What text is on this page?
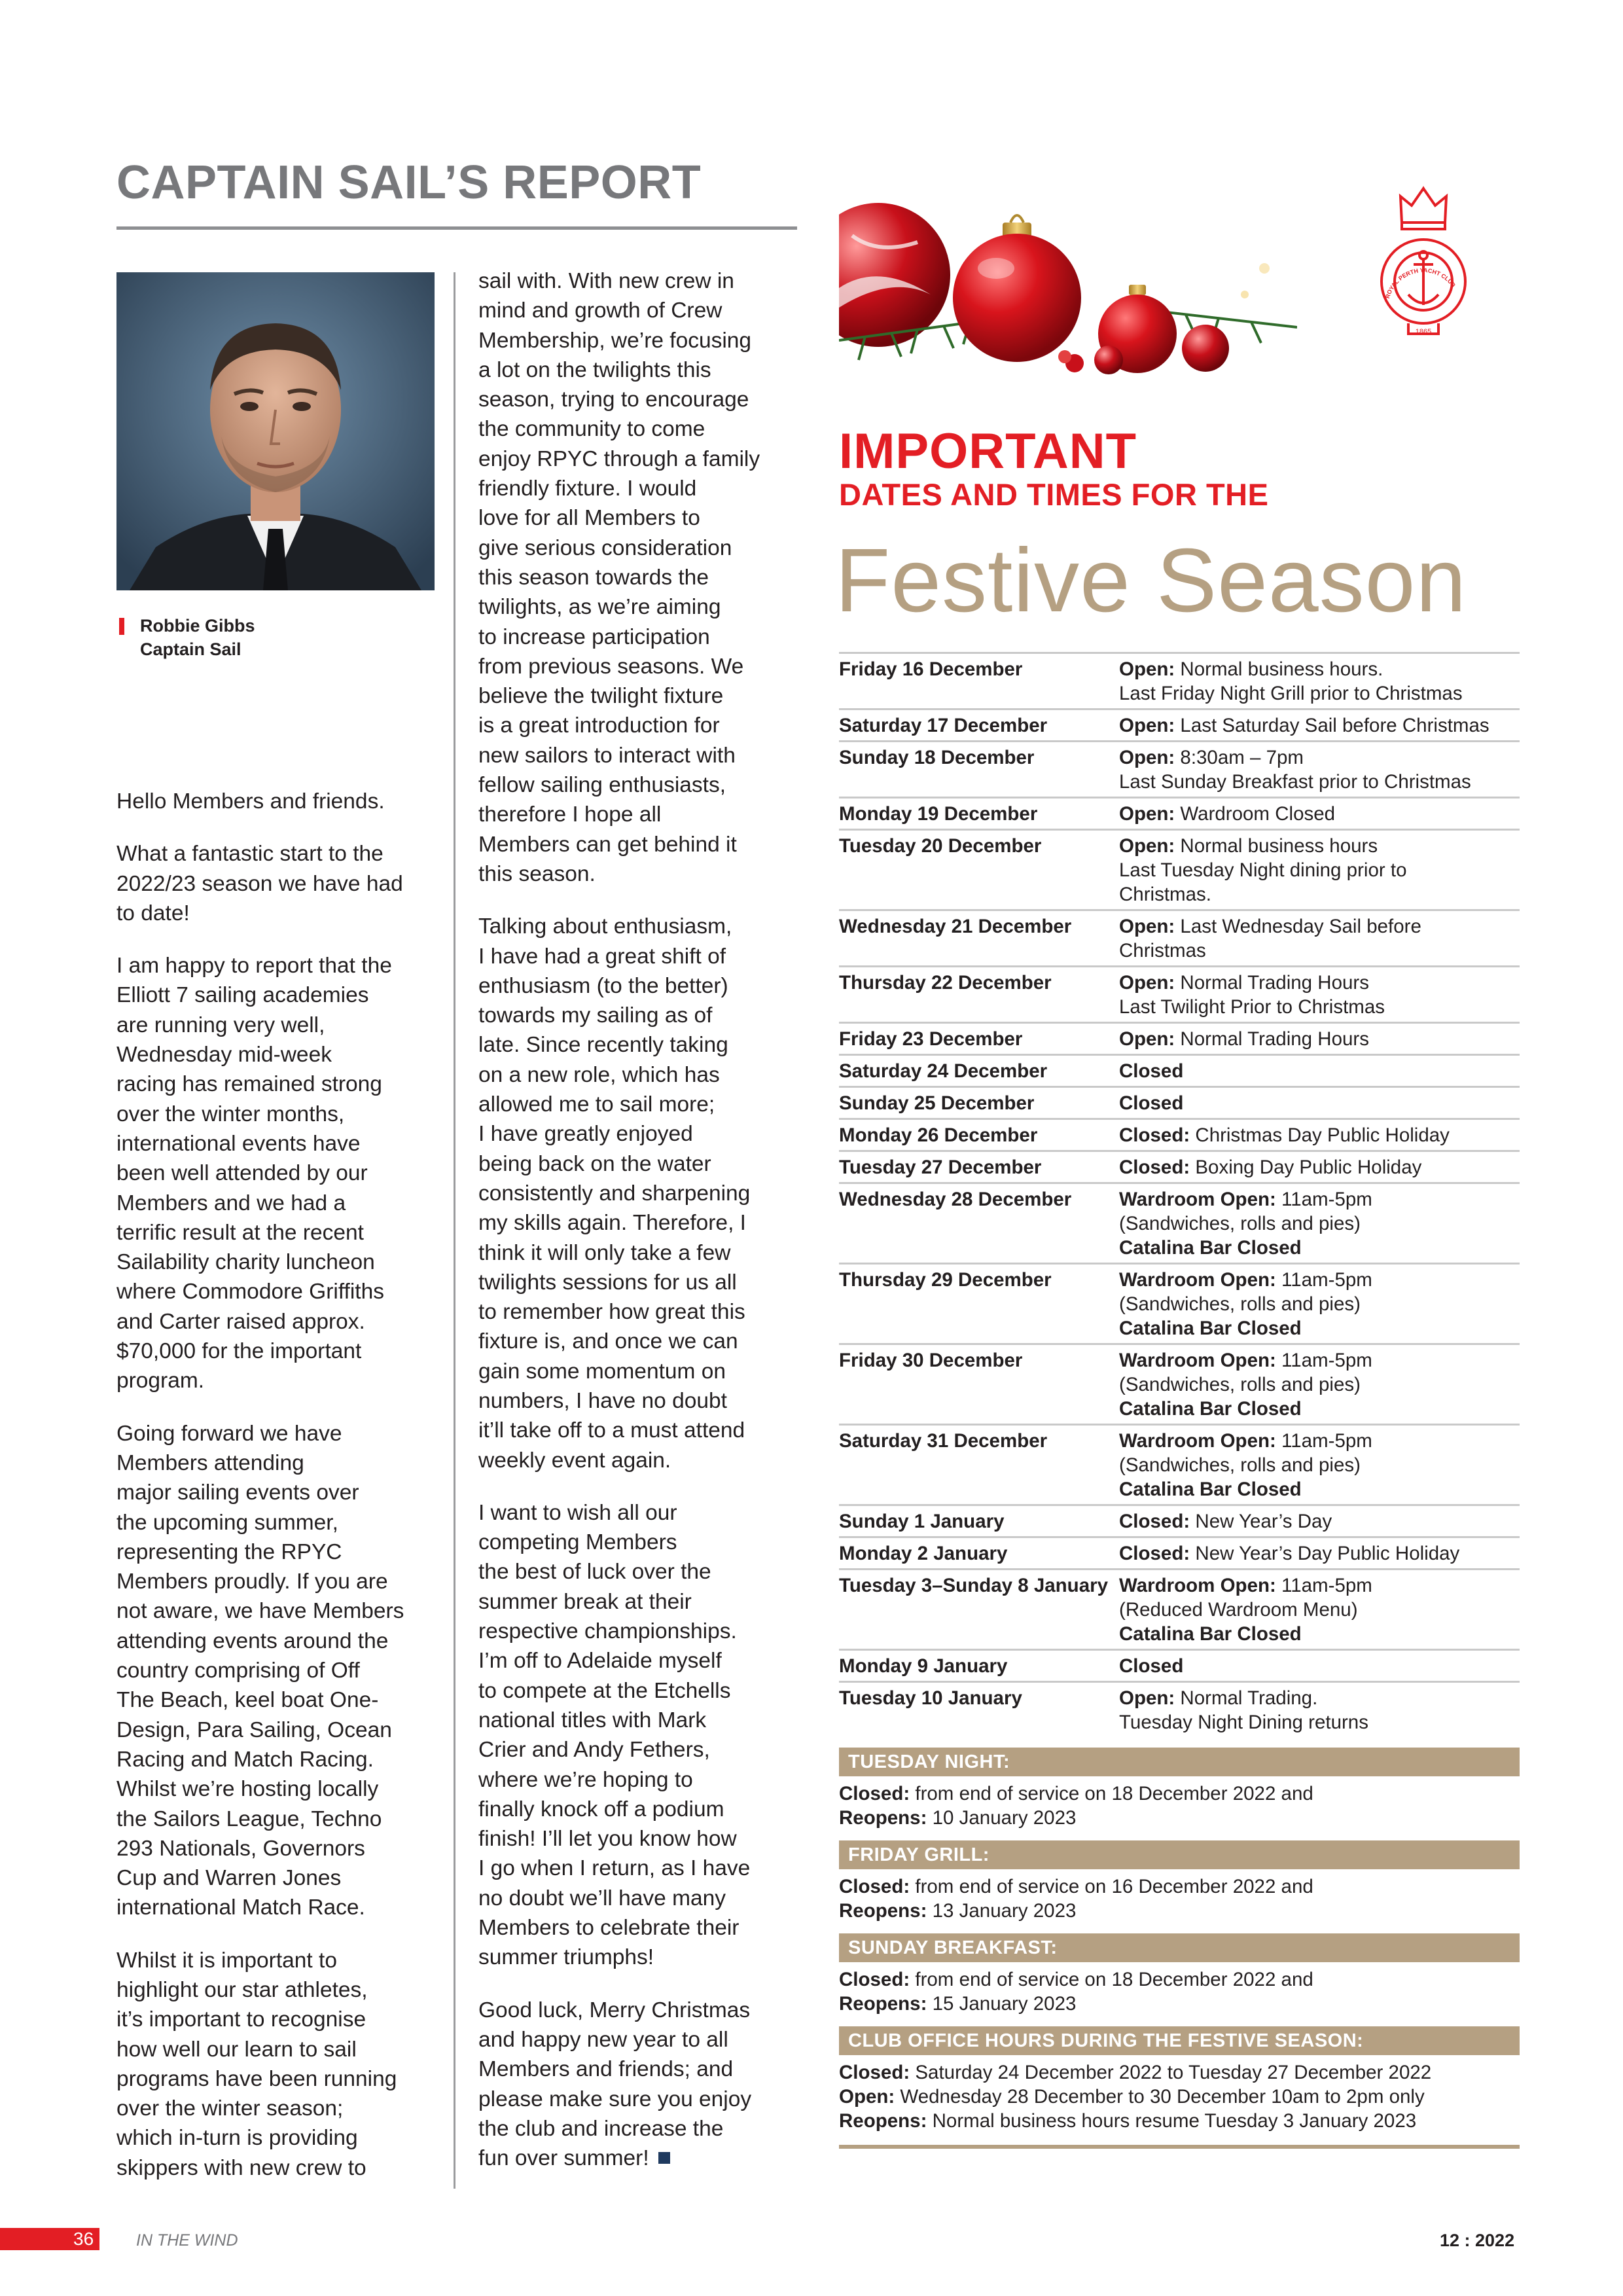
CAPTAIN SAIL’S REPORT
Robbie Gibbs
Captain Sail

Hello Members and friends.

What a fantastic start to the
2022/23 season we have had
to date!

I am happy to report that the
Elliott 7 sailing academies
are running very well,
Wednesday mid-week
racing has remained strong
over the winter months,
international events have
been well attended by our
Members and we had a
terrific result at the recent
Sailability charity luncheon
where Commodore Griffiths
and Carter raised approx.
$70,000 for the important
program.

Going forward we have
Members attending
major sailing events over
the upcoming summer,
representing the RPYC
Members proudly. If you are
not aware, we have Members
attending events around the
country comprising of Off
The Beach, keel boat One-
Design, Para Sailing, Ocean
Racing and Match Racing.
Whilst we’re hosting locally
the Sailors League, Techno
293 Nationals, Governors
Cup and Warren Jones
international Match Race.

Whilst it is important to
highlight our star athletes,
it’s important to recognise
how well our learn to sail
programs have been running
over the winter season;
which in-turn is providing
skippers with new crew to

sail with. With new crew in
mind and growth of Crew
Membership, we’re focusing
a lot on the twilights this
season, trying to encourage
the community to come
enjoy RPYC through a family
friendly fixture. I would
love for all Members to
give serious consideration
this season towards the
twilights, as we’re aiming
to increase participation
from previous seasons. We
believe the twilight fixture
is a great introduction for
new sailors to interact with
fellow sailing enthusiasts,
therefore I hope all
Members can get behind it
this season.

Talking about enthusiasm,
I have had a great shift of
enthusiasm (to the better)
towards my sailing as of
late. Since recently taking
on a new role, which has
allowed me to sail more;
I have greatly enjoyed
being back on the water
consistently and sharpening
my skills again. Therefore, I
think it will only take a few
twilights sessions for us all
to remember how great this
fixture is, and once we can
gain some momentum on
numbers, I have no doubt
it’ll take off to a must attend
weekly event again.

I want to wish all our
competing Members
the best of luck over the
summer break at their
respective championships.
I’m off to Adelaide myself
to compete at the Etchells
national titles with Mark
Crier and Andy Fethers,
where we’re hoping to
finally knock off a podium
finish! I’ll let you know how
I go when I return, as I have
no doubt we’ll have many
Members to celebrate their
summer triumphs!

Good luck, Merry Christmas
and happy new year to all
Members and friends; and
please make sure you enjoy
the club and increase the
fun over summer!

1865
ROYAL PERTH YACHT CLUB
IMPORTANT
DATES AND TIMES FOR THE
Festive Season
Friday 16 December	Open: Normal business hours.
Last Friday Night Grill prior to Christmas
Saturday 17 December	Open: Last Saturday Sail before Christmas
Sunday 18 December	Open: 8:30am – 7pm
Last Sunday Breakfast prior to Christmas
Monday 19 December	Open: Wardroom Closed
Tuesday 20 December	Open: Normal business hours
Last Tuesday Night dining prior to
Christmas.
Wednesday 21 December	Open: Last Wednesday Sail before
Christmas
Thursday 22 December	Open: Normal Trading Hours
Last Twilight Prior to Christmas
Friday 23 December	Open: Normal Trading Hours
Saturday 24 December	Closed
Sunday 25 December	Closed
Monday 26 December	Closed: Christmas Day Public Holiday
Tuesday 27 December	Closed: Boxing Day Public Holiday
Wednesday 28 December	Wardroom Open: 11am-5pm
(Sandwiches, rolls and pies)
Catalina Bar Closed
Thursday 29 December	Wardroom Open: 11am-5pm
(Sandwiches, rolls and pies)
Catalina Bar Closed
Friday 30 December	Wardroom Open: 11am-5pm
(Sandwiches, rolls and pies)
Catalina Bar Closed
Saturday 31 December	Wardroom Open: 11am-5pm
(Sandwiches, rolls and pies)
Catalina Bar Closed
Sunday 1 January	Closed: New Year’s Day
Monday 2 January	Closed: New Year’s Day Public Holiday
Tuesday 3–Sunday 8 January Wardroom Open: 11am-5pm
(Reduced Wardroom Menu)
Catalina Bar Closed
Monday 9 January	Closed
Tuesday 10 January	Open: Normal Trading.
Tuesday Night Dining returns
TUESDAY NIGHT:
Closed: from end of service on 18 December 2022 and
Reopens: 10 January 2023
FRIDAY GRILL:
Closed: from end of service on 16 December 2022 and
Reopens: 13 January 2023
SUNDAY BREAKFAST:
Closed: from end of service on 18 December 2022 and
Reopens: 15 January 2023
CLUB OFFICE HOURS DURING THE FESTIVE SEASON:
Closed: Saturday 24 December 2022 to Tuesday 27 December 2022
Open: Wednesday 28 December to 30 December 10am to 2pm only
Reopens: Normal business hours resume Tuesday 3 January 2023
36	IN THE WIND	12 : 2022
